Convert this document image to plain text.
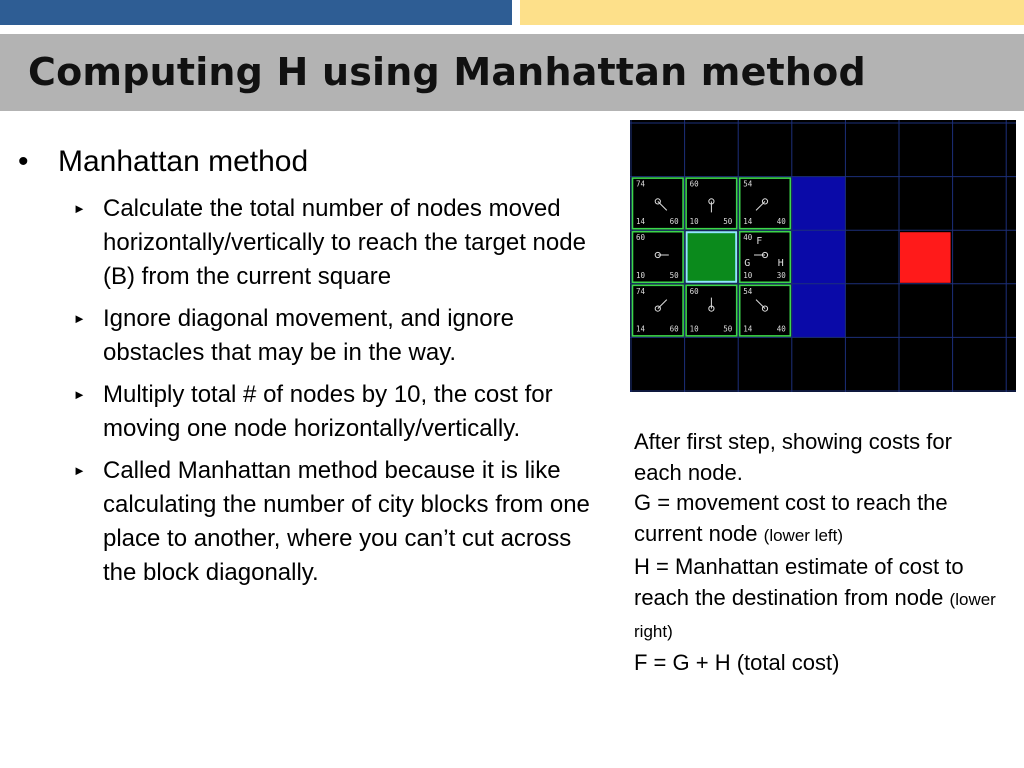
Computing H using Manhattan method
• Manhattan method
► Calculate the total number of nodes moved horizontally/vertically to reach the target node (B) from the current square
► Ignore diagonal movement, and ignore obstacles that may be in the way.
► Multiply total # of nodes by 10, the cost for moving one node horizontally/vertically.
► Called Manhattan method because it is like calculating the number of city blocks from one place to another, where you can’t cut across the block diagonally.
74
14	60
60
10	50
54
14	40
60
10	50
40
10	30
74
14	60
60
10	50
54
14	40
F
G	H
After first step, showing costs for each node.
G = movement cost to reach the current node (lower left)
H = Manhattan estimate of cost to reach the destination from node (lower right)
F = G + H (total cost)
